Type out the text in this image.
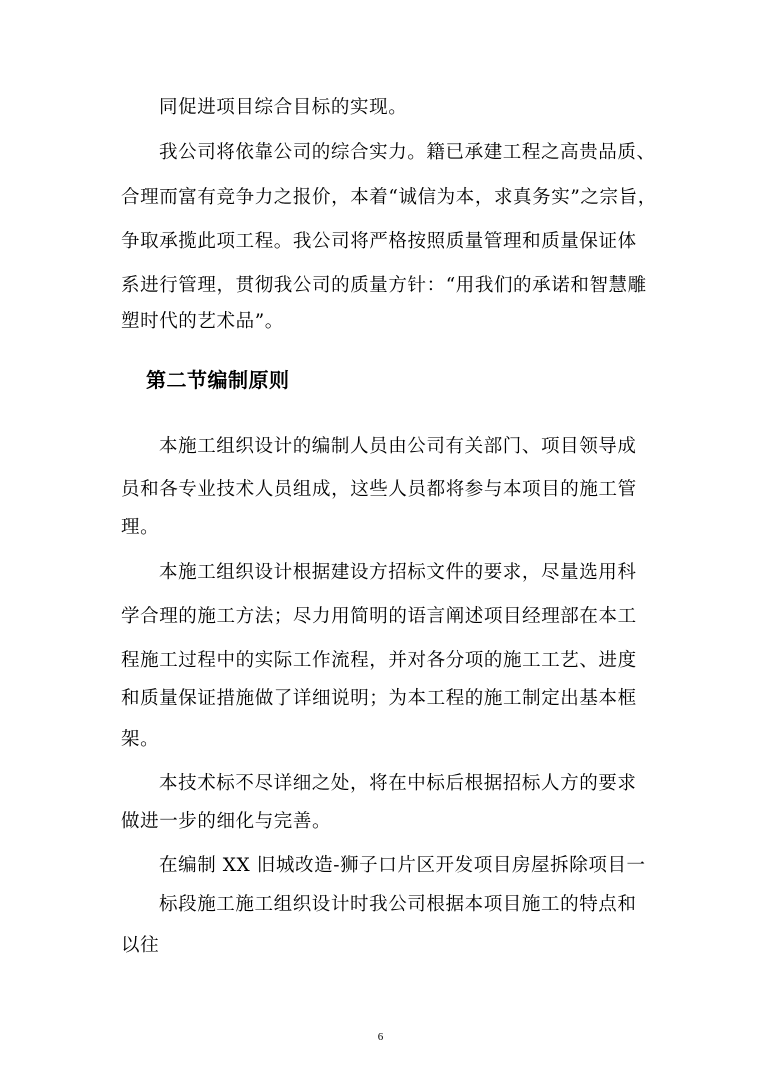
同促进项目综合目标的实现。
我公司将依靠公司的综合实力。籍已承建工程之高贵品质、
合理而富有竞争力之报价，本着“诚信为本，求真务实”之宗旨，
争取承揽此项工程。我公司将严格按照质量管理和质量保证体
系进行管理，贯彻我公司的质量方针：“用我们的承诺和智慧雕
塑时代的艺术品”。
第二节编制原则
本施工组织设计的编制人员由公司有关部门、项目领导成
员和各专业技术人员组成，这些人员都将参与本项目的施工管
理。
本施工组织设计根据建设方招标文件的要求，尽量选用科
学合理的施工方法；尽力用简明的语言阐述项目经理部在本工
程施工过程中的实际工作流程，并对各分项的施工工艺、进度
和质量保证措施做了详细说明；为本工程的施工制定出基本框
架。
本技术标不尽详细之处，将在中标后根据招标人方的要求
做进一步的细化与完善。
在编制 XX 旧城改造-狮子口片区开发项目房屋拆除项目一
标段施工施工组织设计时我公司根据本项目施工的特点和
以往
6
